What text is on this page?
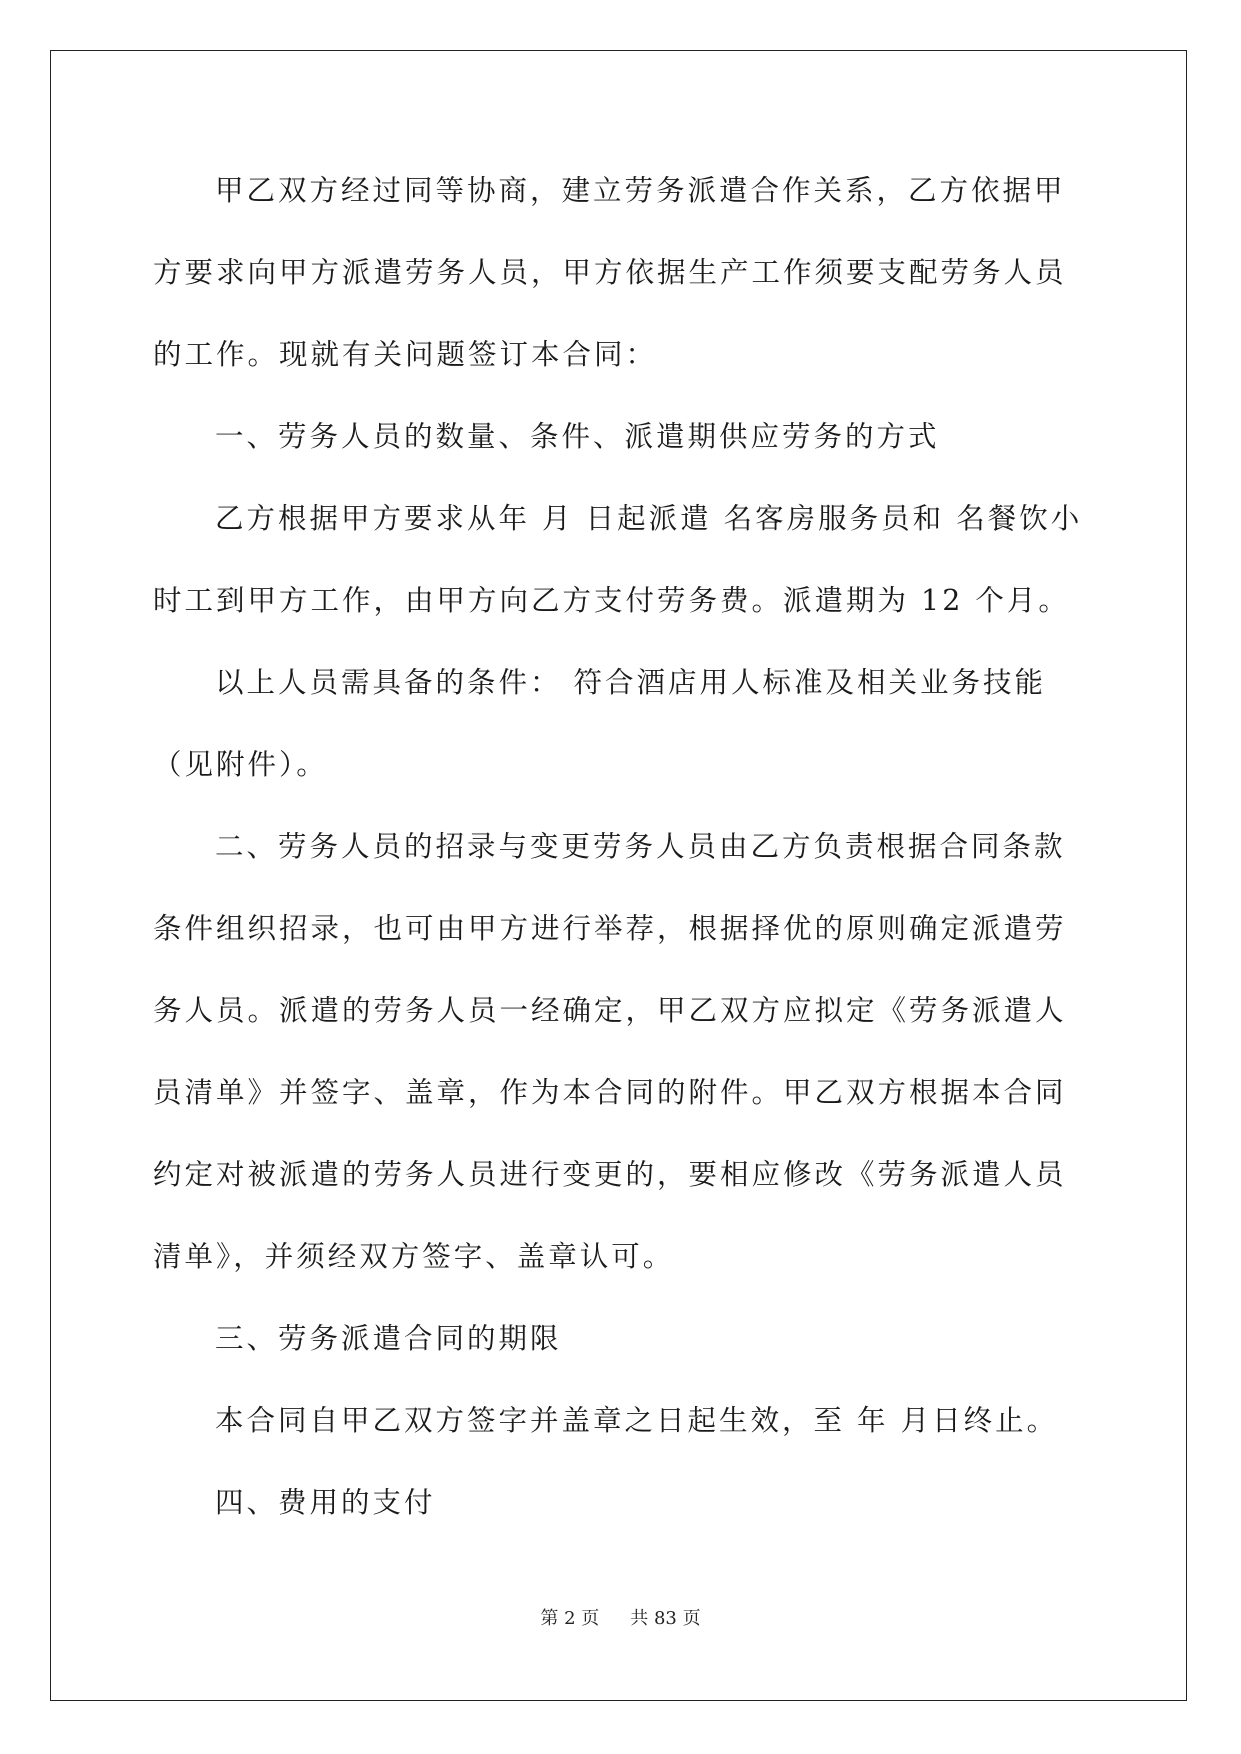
甲乙双方经过同等协商，建立劳务派遣合作关系，乙方依据甲方要求向甲方派遣劳务人员，甲方依据生产工作须要支配劳务人员的工作。现就有关问题签订本合同：

一、劳务人员的数量、条件、派遣期供应劳务的方式

乙方根据甲方要求从年 月 日起派遣 名客房服务员和 名餐饮小时工到甲方工作，由甲方向乙方支付劳务费。派遣期为 12 个月。

以上人员需具备的条件： 符合酒店用人标准及相关业务技能（见附件）。

二、劳务人员的招录与变更劳务人员由乙方负责根据合同条款条件组织招录，也可由甲方进行举荐，根据择优的原则确定派遣劳务人员。派遣的劳务人员一经确定，甲乙双方应拟定《劳务派遣人员清单》并签字、盖章，作为本合同的附件。甲乙双方根据本合同约定对被派遣的劳务人员进行变更的，要相应修改《劳务派遣人员清单》，并须经双方签字、盖章认可。

三、劳务派遣合同的期限

本合同自甲乙双方签字并盖章之日起生效，至 年 月日终止。

四、费用的支付

第 2 页 共 83 页
